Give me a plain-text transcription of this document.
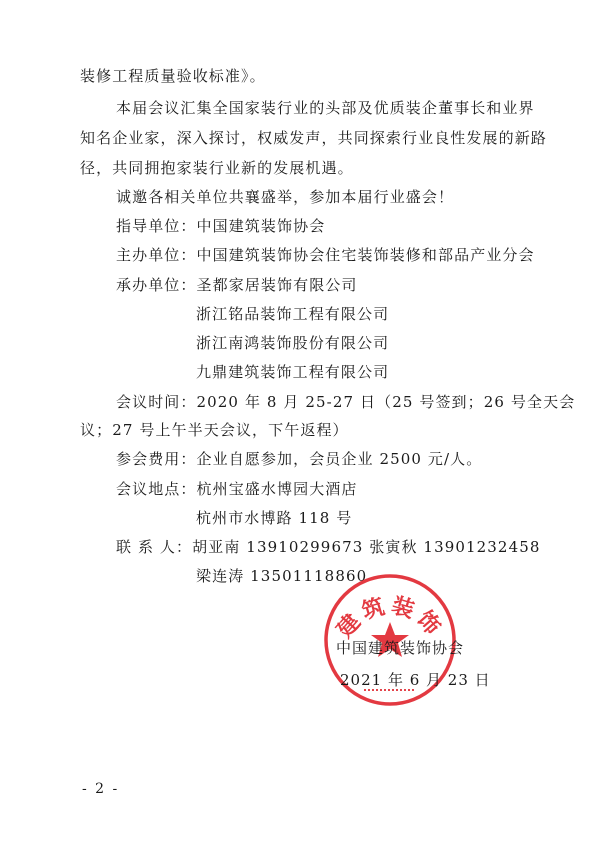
装修工程质量验收标准》。
本届会议汇集全国家装行业的头部及优质装企董事长和业界
知名企业家，深入探讨，权威发声，共同探索行业良性发展的新路
径，共同拥抱家装行业新的发展机遇。
诚邀各相关单位共襄盛举，参加本届行业盛会！
指导单位：中国建筑装饰协会
主办单位：中国建筑装饰协会住宅装饰装修和部品产业分会
承办单位：圣都家居装饰有限公司
浙江铭品装饰工程有限公司
浙江南鸿装饰股份有限公司
九鼎建筑装饰工程有限公司
会议时间：2020 年 8 月 25-27 日（25 号签到；26 号全天会
议；27 号上午半天会议，下午返程）
参会费用：企业自愿参加，会员企业 2500 元/人。
会议地点：杭州宝盛水博园大酒店
杭州市水博路 118 号
联 系 人：胡亚南 13910299673 张寅秋 13901232458
梁连涛 13501118860
建筑装饰
中国建筑装饰协会
2021 年 6 月 23 日
- 2 -
